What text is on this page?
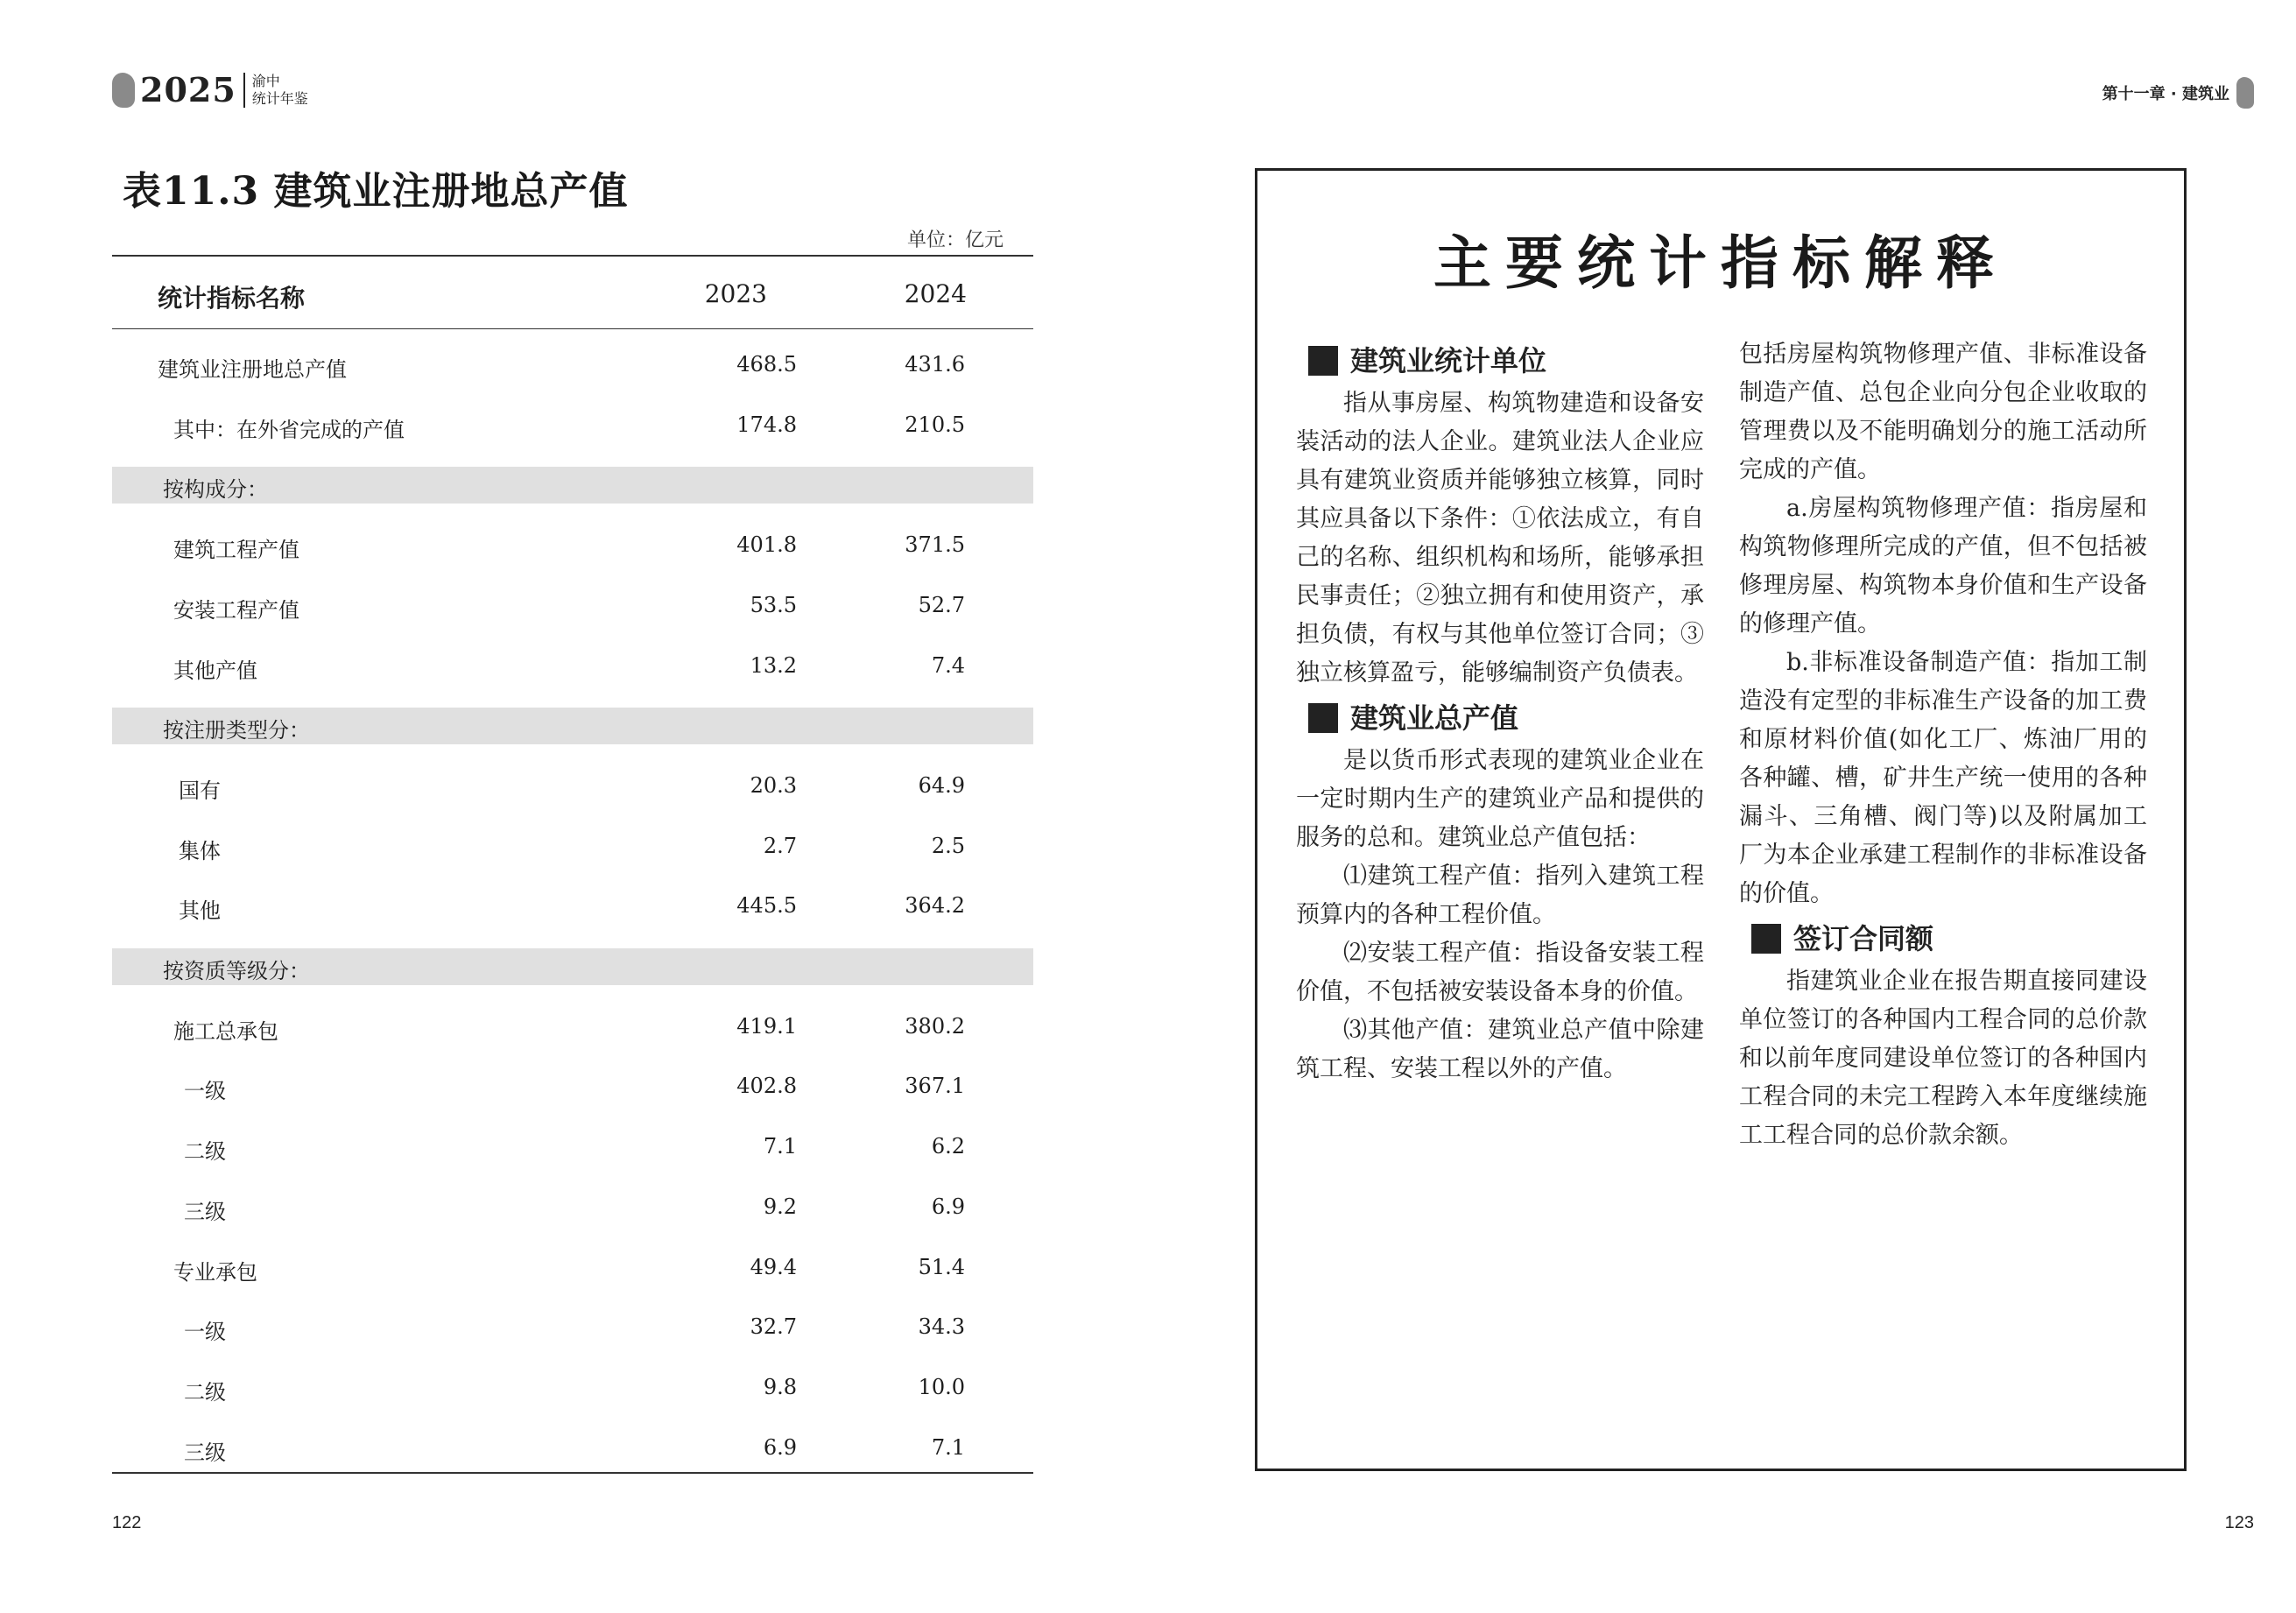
2025 渝中
统计年鉴
表11.3 建筑业注册地总产值
单位：亿元
统计指标名称	2023	2024
建筑业注册地总产值	468.5	431.6
其中：在外省完成的产值	174.8	210.5
按构成分：
建筑工程产值	401.8	371.5
安装工程产值	53.5	52.7
其他产值	13.2	7.4
按注册类型分：
国有	20.3	64.9
集体	2.7	2.5
其他	445.5	364.2
按资质等级分：
施工总承包	419.1	380.2
一级	402.8	367.1
二级	7.1	6.2
三级	9.2	6.9
专业承包	49.4	51.4
一级	32.7	34.3
二级	9.8	10.0
三级	6.9	7.1
122
第十一章 · 建筑业
主要统计指标解释
建筑业统计单位

指从事房屋、构筑物建造和设备安装活动的法人企业。建筑业法人企业应具有建筑业资质并能够独立核算，同时其应具备以下条件：①依法成立，有自己的名称、组织机构和场所，能够承担民事责任；②独立拥有和使用资产，承担负债，有权与其他单位签订合同；③独立核算盈亏，能够编制资产负债表。

建筑业总产值

是以货币形式表现的建筑业企业在一定时期内生产的建筑业产品和提供的服务的总和。建筑业总产值包括：

⑴建筑工程产值：指列入建筑工程预算内的各种工程价值。

⑵安装工程产值：指设备安装工程价值，不包括被安装设备本身的价值。

⑶其他产值：建筑业总产值中除建筑工程、安装工程以外的产值。

包括房屋构筑物修理产值、非标准设备制造产值、总包企业向分包企业收取的管理费以及不能明确划分的施工活动所完成的产值。

a.房屋构筑物修理产值：指房屋和构筑物修理所完成的产值，但不包括被修理房屋、构筑物本身价值和生产设备的修理产值。

b.非标准设备制造产值：指加工制造没有定型的非标准生产设备的加工费和原材料价值(如化工厂、炼油厂用的各种罐、槽，矿井生产统一使用的各种漏斗、三角槽、阀门等)以及附属加工厂为本企业承建工程制作的非标准设备的价值。

签订合同额

指建筑业企业在报告期直接同建设单位签订的各种国内工程合同的总价款和以前年度同建设单位签订的各种国内工程合同的未完工程跨入本年度继续施工工程合同的总价款余额。

123
